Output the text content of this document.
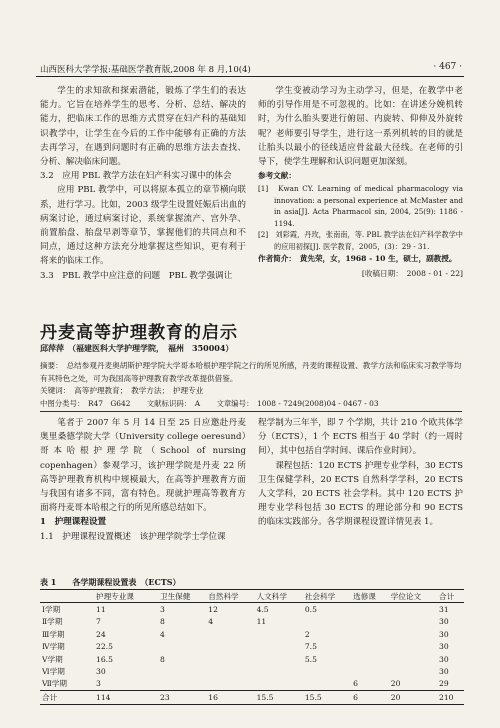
山西医科大学学报:基础医学教育版,2008 年 8 月,10(4)	· 467 ·

学生的求知欲和探索潜能，锻炼了学生们的表达能力。它旨在培养学生的思考、分析、总结、解决的能力，把临床工作的思维方式贯穿在妇产科的基础知识教学中，让学生在今后的工作中能够有正确的方法去再学习，在遇到问题时有正确的思维方法去查找、分析、解决临床问题。

3.2　应用 PBL 教学方法在妇产科实习课中的体会

应用 PBL 教学中，可以将原本孤立的章节横向联系，进行学习。比如，2003 级学生设置妊娠后出血的病案讨论，通过病案讨论，系统掌握流产、宫外孕、前置胎盘、胎盘早剥等章节，掌握他们的共同点和不同点，通过这种方法充分地掌握这些知识，更有利于将来的临床工作。

3.3　PBL 教学中应注意的问题　PBL 教学强调让

学生变被动学习为主动学习，但是，在教学中老师的引导作用是不可忽视的。比如：在讲述分娩机转时，为什么胎头要进行俯屈、内旋转、仰伸及外旋转呢？老师要引导学生，进行这一系列机转的目的就是让胎头以最小的径线适应骨盆最大径线。在老师的引导下，使学生理解和认识问题更加深刻。

参考文献：

[1]　Kwan CY. Learning of medical pharmacology via innovation: a personal experience at McMaster and in asia[J]. Acta Pharmacol sin, 2004, 25(9): 1186 - 1194.
[2]　刘彩霞，丹玫，张南南，等. PBL 教学法在妇产科学教学中的应用初探[J]. 医学教育，2005，(3)：29 - 31.

作者简介：　黄先荣，女，1968 - 10 生，硕士，副教授。

[收稿日期：　2008 - 01 - 22]

丹麦高等护理教育的启示
邱萍萍　（福建医科大学护理学院，　福州　350004）
摘要：　总结参观丹麦奥胡斯护理学院大学哥本哈根护理学院之行的所见所感，丹麦的课程设置、教学方法和临床实习教学等均有其特色之处，可为我国高等护理教育教学改革提供借鉴。
关键词：　高等护理教育；　教学方法；　护理专业
中图分类号：　R47　G642 文献标识码：　A 文章编号：　1008 - 7249(2008)04 - 0467 - 03

笔者于 2007 年 5 月 14 日至 25 日应邀赴丹麦奥里桑德学院大学（University college oeresund）哥本哈根护理学院（School of nursing copenhagen）参观学习，该护理学院是丹麦 22 所高等护理教育机构中规模最大，在高等护理教育方面与我国有诸多不同，富有特色。现就护理高等教育方面将丹麦哥本哈根之行的所见所感总结如下。

1　护理课程设置

1.1　护理课程设置概述　该护理学院学士学位课

程学制为三年半，即 7 个学期，共计 210 个欧共体学分（ECTS），1 个 ECTS 相当于 40 学时（约一周时间），其中包括自学时间、课后作业时间）。

课程包括：120 ECTS 护理专业学科，30 ECTS 卫生保健学科，20 ECTS 自然科学学科，20 ECTS 人文学科，20 ECTS 社会学科。其中 120 ECTS 护理专业学科包括 30 ECTS 的理论部分和 90 ECTS 的临床实践部分。各学期课程设置详情见表 1。

表 1　　各学期课程设置表　（ECTS）
	护理专业课	卫生保健	自然科学	人文科学	社会科学	选修课	学位论文	合计
Ⅰ学期	11	3	12	4.5	0.5			31
Ⅱ学期	7	8	4	11				30
Ⅲ学期	24	4			2			30
Ⅳ学期	22.5				7.5			30
Ⅴ学期	16.5	8			5.5			30
Ⅵ学期	30							30
Ⅶ学期	3					6	20	29
合计	114	23	16	15.5	15.5	6	20	210
